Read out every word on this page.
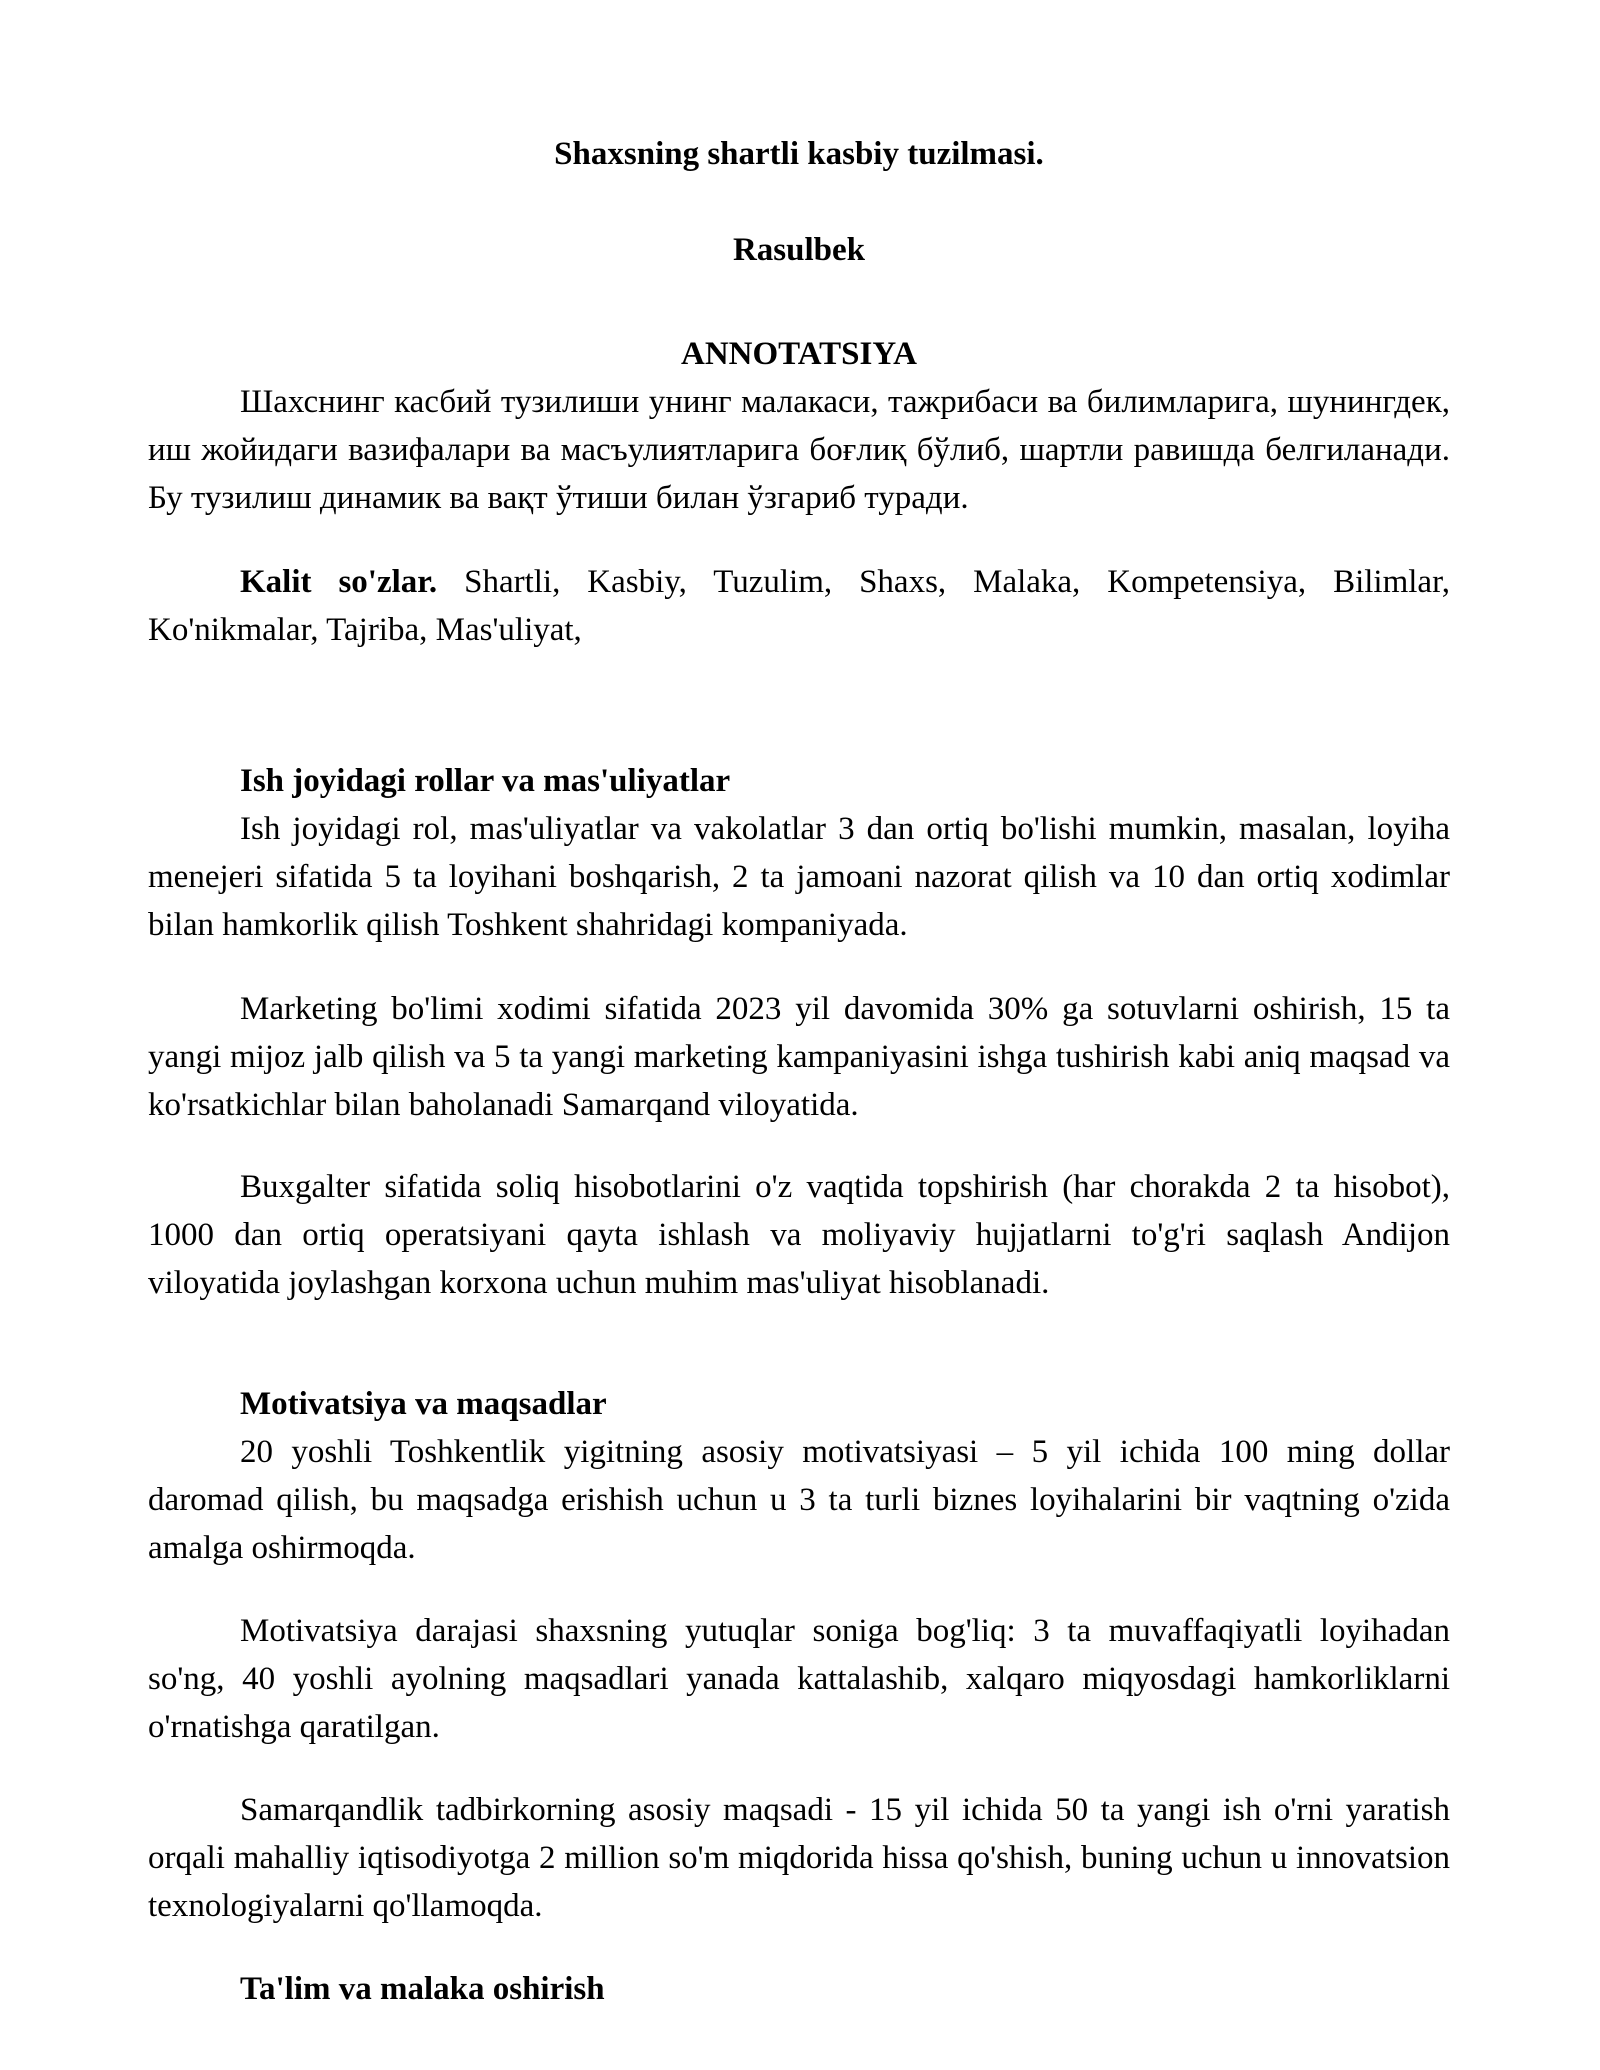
Shaxsning shartli kasbiy tuzilmasi.

Rasulbek

ANNOTATSIYA

Шахснинг касбий тузилиши унинг малакаси, тажрибаси ва билимларига, шунингдек, иш жойидаги вазифалари ва масъулиятларига боғлиқ бўлиб, шартли равишда белгиланади. Бу тузилиш динамик ва вақт ўтиши билан ўзгариб туради.

Kalit so'zlar. Shartli, Kasbiy, Tuzulim, Shaxs, Malaka, Kompetensiya, Bilimlar, Ko'nikmalar, Tajriba, Mas'uliyat,

Ish joyidagi rollar va mas'uliyatlar

Ish joyidagi rol, mas'uliyatlar va vakolatlar 3 dan ortiq bo'lishi mumkin, masalan, loyiha menejeri sifatida 5 ta loyihani boshqarish, 2 ta jamoani nazorat qilish va 10 dan ortiq xodimlar bilan hamkorlik qilish Toshkent shahridagi kompaniyada.

Marketing bo'limi xodimi sifatida 2023 yil davomida 30% ga sotuvlarni oshirish, 15 ta yangi mijoz jalb qilish va 5 ta yangi marketing kampaniyasini ishga tushirish kabi aniq maqsad va ko'rsatkichlar bilan baholanadi Samarqand viloyatida.

Buxgalter sifatida soliq hisobotlarini o'z vaqtida topshirish (har chorakda 2 ta hisobot), 1000 dan ortiq operatsiyani qayta ishlash va moliyaviy hujjatlarni to'g'ri saqlash Andijon viloyatida joylashgan korxona uchun muhim mas'uliyat hisoblanadi.

Motivatsiya va maqsadlar

20 yoshli Toshkentlik yigitning asosiy motivatsiyasi – 5 yil ichida 100 ming dollar daromad qilish, bu maqsadga erishish uchun u 3 ta turli biznes loyihalarini bir vaqtning o'zida amalga oshirmoqda.

Motivatsiya darajasi shaxsning yutuqlar soniga bog'liq: 3 ta muvaffaqiyatli loyihadan so'ng, 40 yoshli ayolning maqsadlari yanada kattalashib, xalqaro miqyosdagi hamkorliklarni o'rnatishga qaratilgan.

Samarqandlik tadbirkorning asosiy maqsadi - 15 yil ichida 50 ta yangi ish o'rni yaratish orqali mahalliy iqtisodiyotga 2 million so'm miqdorida hissa qo'shish, buning uchun u innovatsion texnologiyalarni qo'llamoqda.

Ta'lim va malaka oshirish
